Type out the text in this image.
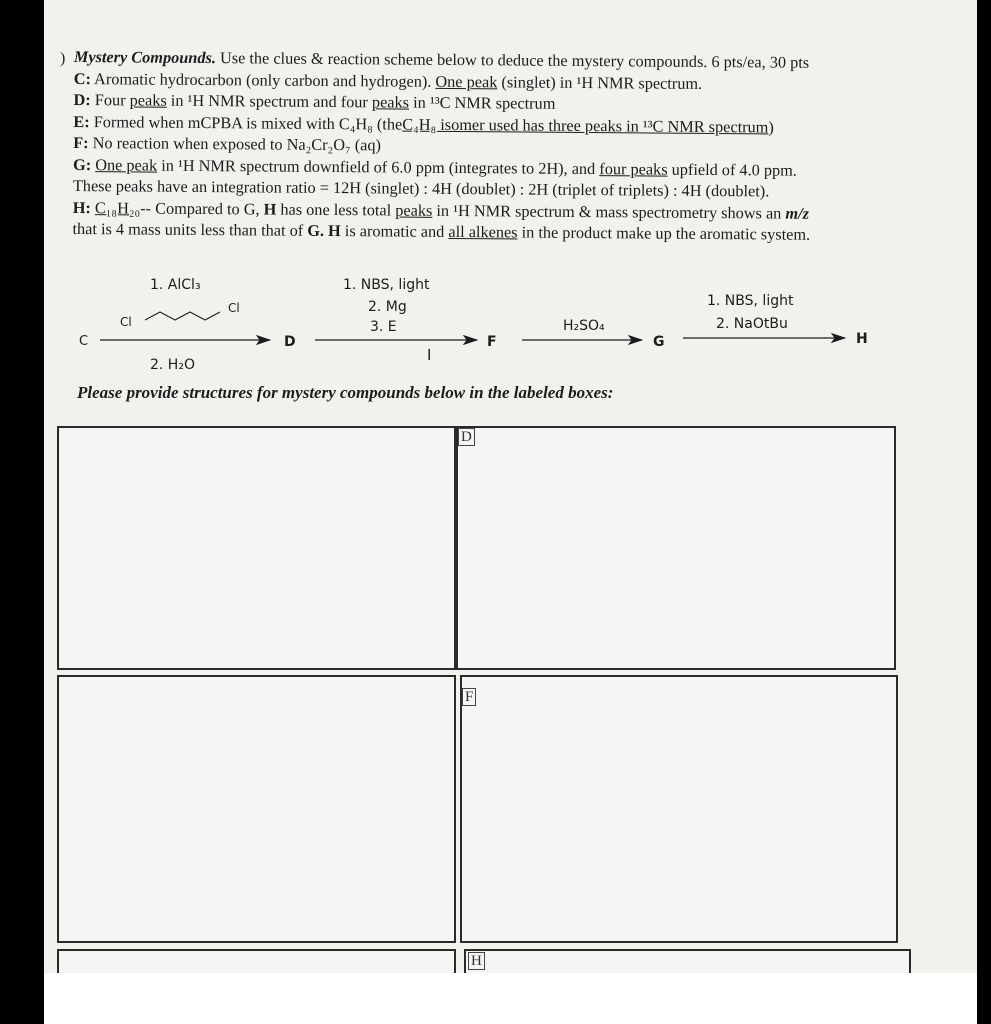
) Mystery Compounds. Use the clues & reaction scheme below to deduce the mystery compounds. 6 pts/ea, 30 pts
C: Aromatic hydrocarbon (only carbon and hydrogen). One peak (singlet) in ¹H NMR spectrum.
D: Four peaks in ¹H NMR spectrum and four peaks in ¹³C NMR spectrum
E: Formed when mCPBA is mixed with C₄H₈ (theC₄H₈ isomer used has three peaks in ¹³C NMR spectrum)
F: No reaction when exposed to Na₂Cr₂O₇ (aq)
G: One peak in ¹H NMR spectrum downfield of 6.0 ppm (integrates to 2H), and four peaks upfield of 4.0 ppm.
These peaks have an integration ratio = 12H (singlet) : 4H (doublet) : 2H (triplet of triplets) : 4H (doublet).
H: C₁₈H₂₀-- Compared to G, H has one less total peaks in ¹H NMR spectrum & mass spectrometry shows an m/z
that is 4 mass units less than that of G. H is aromatic and all alkenes in the product make up the aromatic system.
C
1. AlCl₃
Cl
Cl
2. H₂O
D
1. NBS, light
2. Mg
3. E
I
F
H₂SO₄
G
1. NBS, light
2. NaOtBu
H
Please provide structures for mystery compounds below in the labeled boxes:
D
F
H
